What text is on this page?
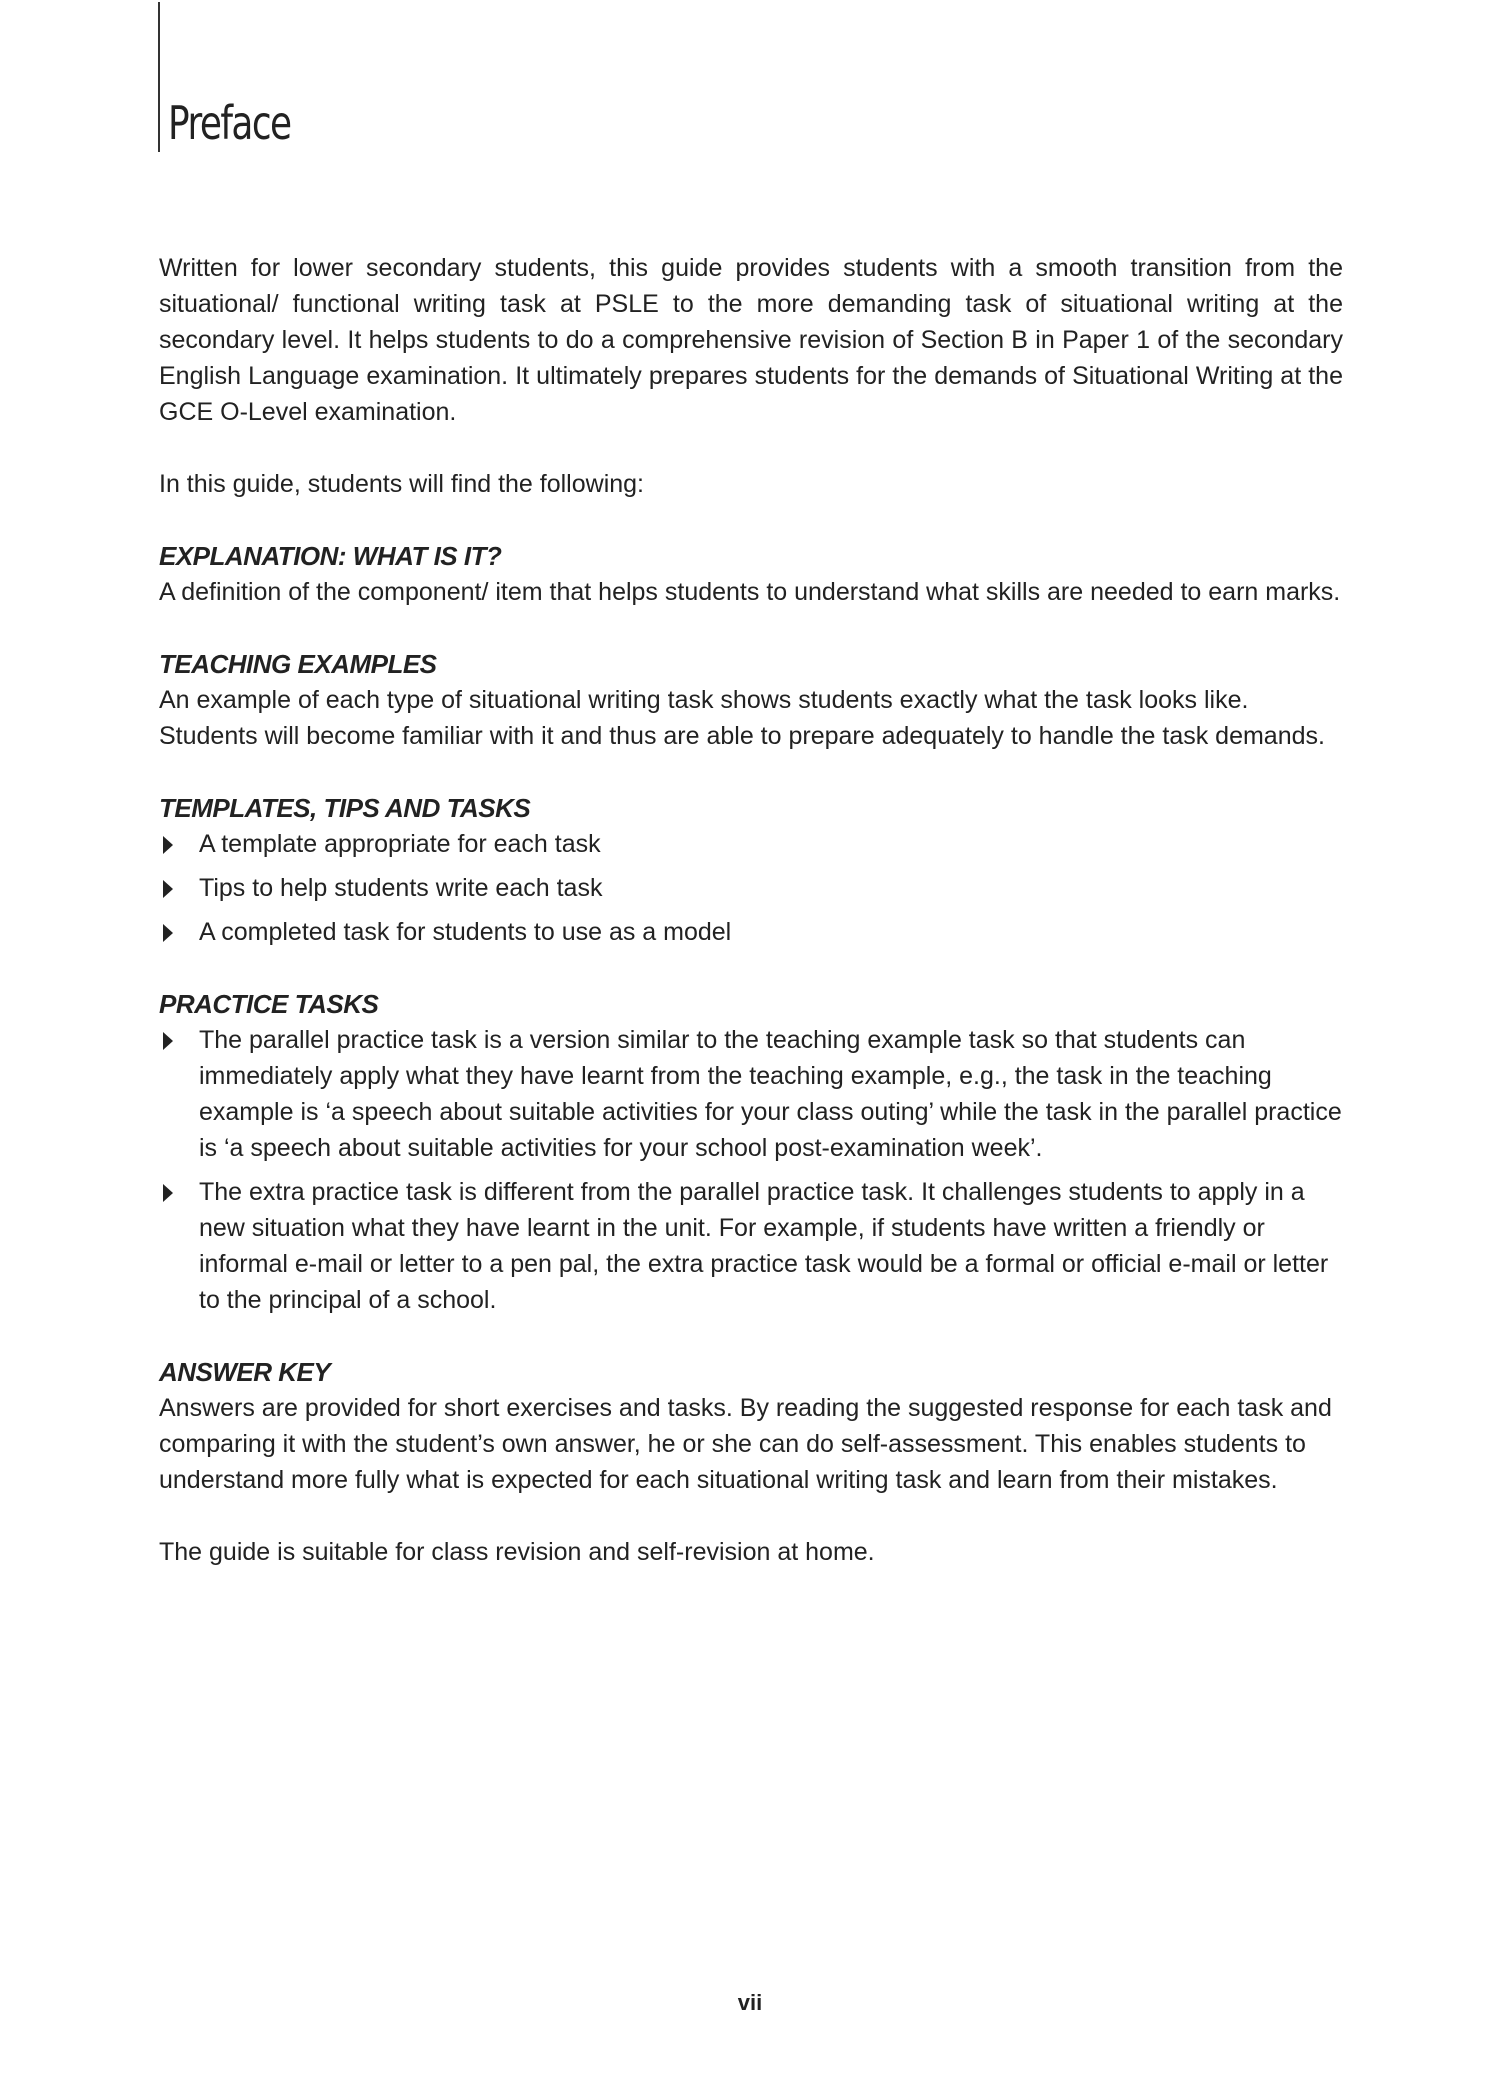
Preface

Written for lower secondary students, this guide provides students with a smooth transition from the situational/ functional writing task at PSLE to the more demanding task of situational writing at the secondary level. It helps students to do a comprehensive revision of Section B in Paper 1 of the secondary English Language examination. It ultimately prepares students for the demands of Situational Writing at the GCE O-Level examination.

In this guide, students will find the following:

EXPLANATION: WHAT IS IT?

A definition of the component/ item that helps students to understand what skills are needed to earn marks.

TEACHING EXAMPLES

An example of each type of situational writing task shows students exactly what the task looks like. Students will become familiar with it and thus are able to prepare adequately to handle the task demands.

TEMPLATES, TIPS AND TASKS
A template appropriate for each task
Tips to help students write each task
A completed task for students to use as a model
PRACTICE TASKS
The parallel practice task is a version similar to the teaching example task so that students can immediately apply what they have learnt from the teaching example, e.g., the task in the teaching example is ‘a speech about suitable activities for your class outing’ while the task in the parallel practice is ‘a speech about suitable activities for your school post-examination week’.
The extra practice task is different from the parallel practice task. It challenges students to apply in a new situation what they have learnt in the unit. For example, if students have written a friendly or informal e-mail or letter to a pen pal, the extra practice task would be a formal or official e-mail or letter to the principal of a school.
ANSWER KEY

Answers are provided for short exercises and tasks. By reading the suggested response for each task and comparing it with the student’s own answer, he or she can do self-assessment. This enables students to understand more fully what is expected for each situational writing task and learn from their mistakes.

The guide is suitable for class revision and self-revision at home.

vii
